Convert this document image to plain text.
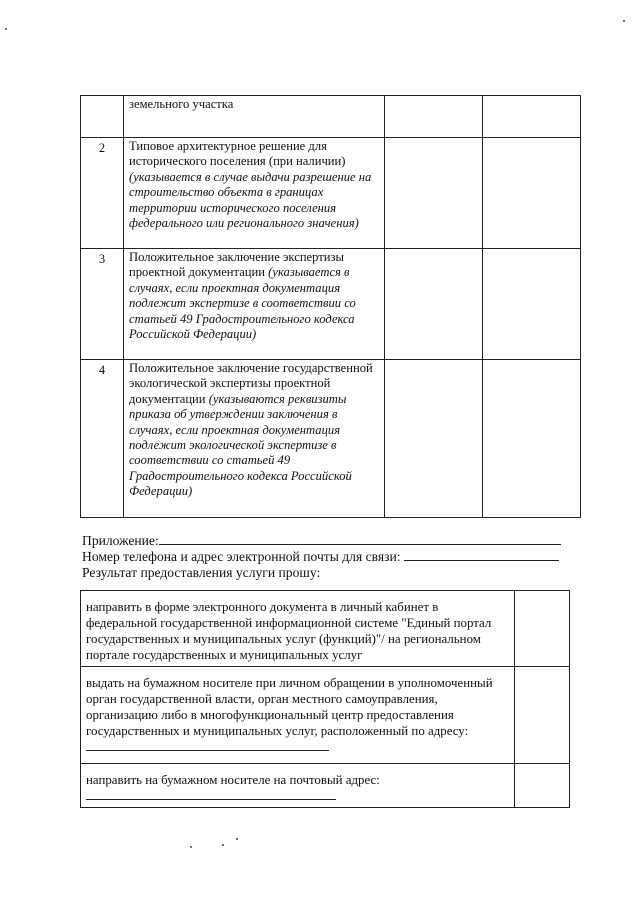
	земельного участка		
2	Типовое архитектурное решение для исторического поселения (при наличии) (указывается в случае выдачи разрешение на строительство объекта в границах территории исторического поселения федерального или регионального значения)		
3	Положительное заключение экспертизы проектной документации (указывается в случаях, если проектная документация подлежит экспертизе в соответствии со статьей 49 Градостроительного кодекса Российской Федерации)		
4	Положительное заключение государственной экологической экспертизы проектной документации (указываются реквизиты приказа об утверждении заключения в случаях, если проектная документация подлежит экологической экспертизе в соответствии со статьей 49 Градостроительного кодекса Российской Федерации)		
Приложение:
Номер телефона и адрес электронной почты для связи:
Результат предоставления услуги прошу:
направить в форме электронного документа в личный кабинет в федеральной государственной информационной системе "Единый портал государственных и муниципальных услуг (функций)"/ на региональном портале государственных и муниципальных услуг	
выдать на бумажном носителе при личном обращении в уполномоченный орган государственной власти, орган местного самоуправления, организацию либо в многофункциональный центр предоставления государственных и муниципальных услуг, расположенный по адресу:	
направить на бумажном носителе на почтовый адрес:	
